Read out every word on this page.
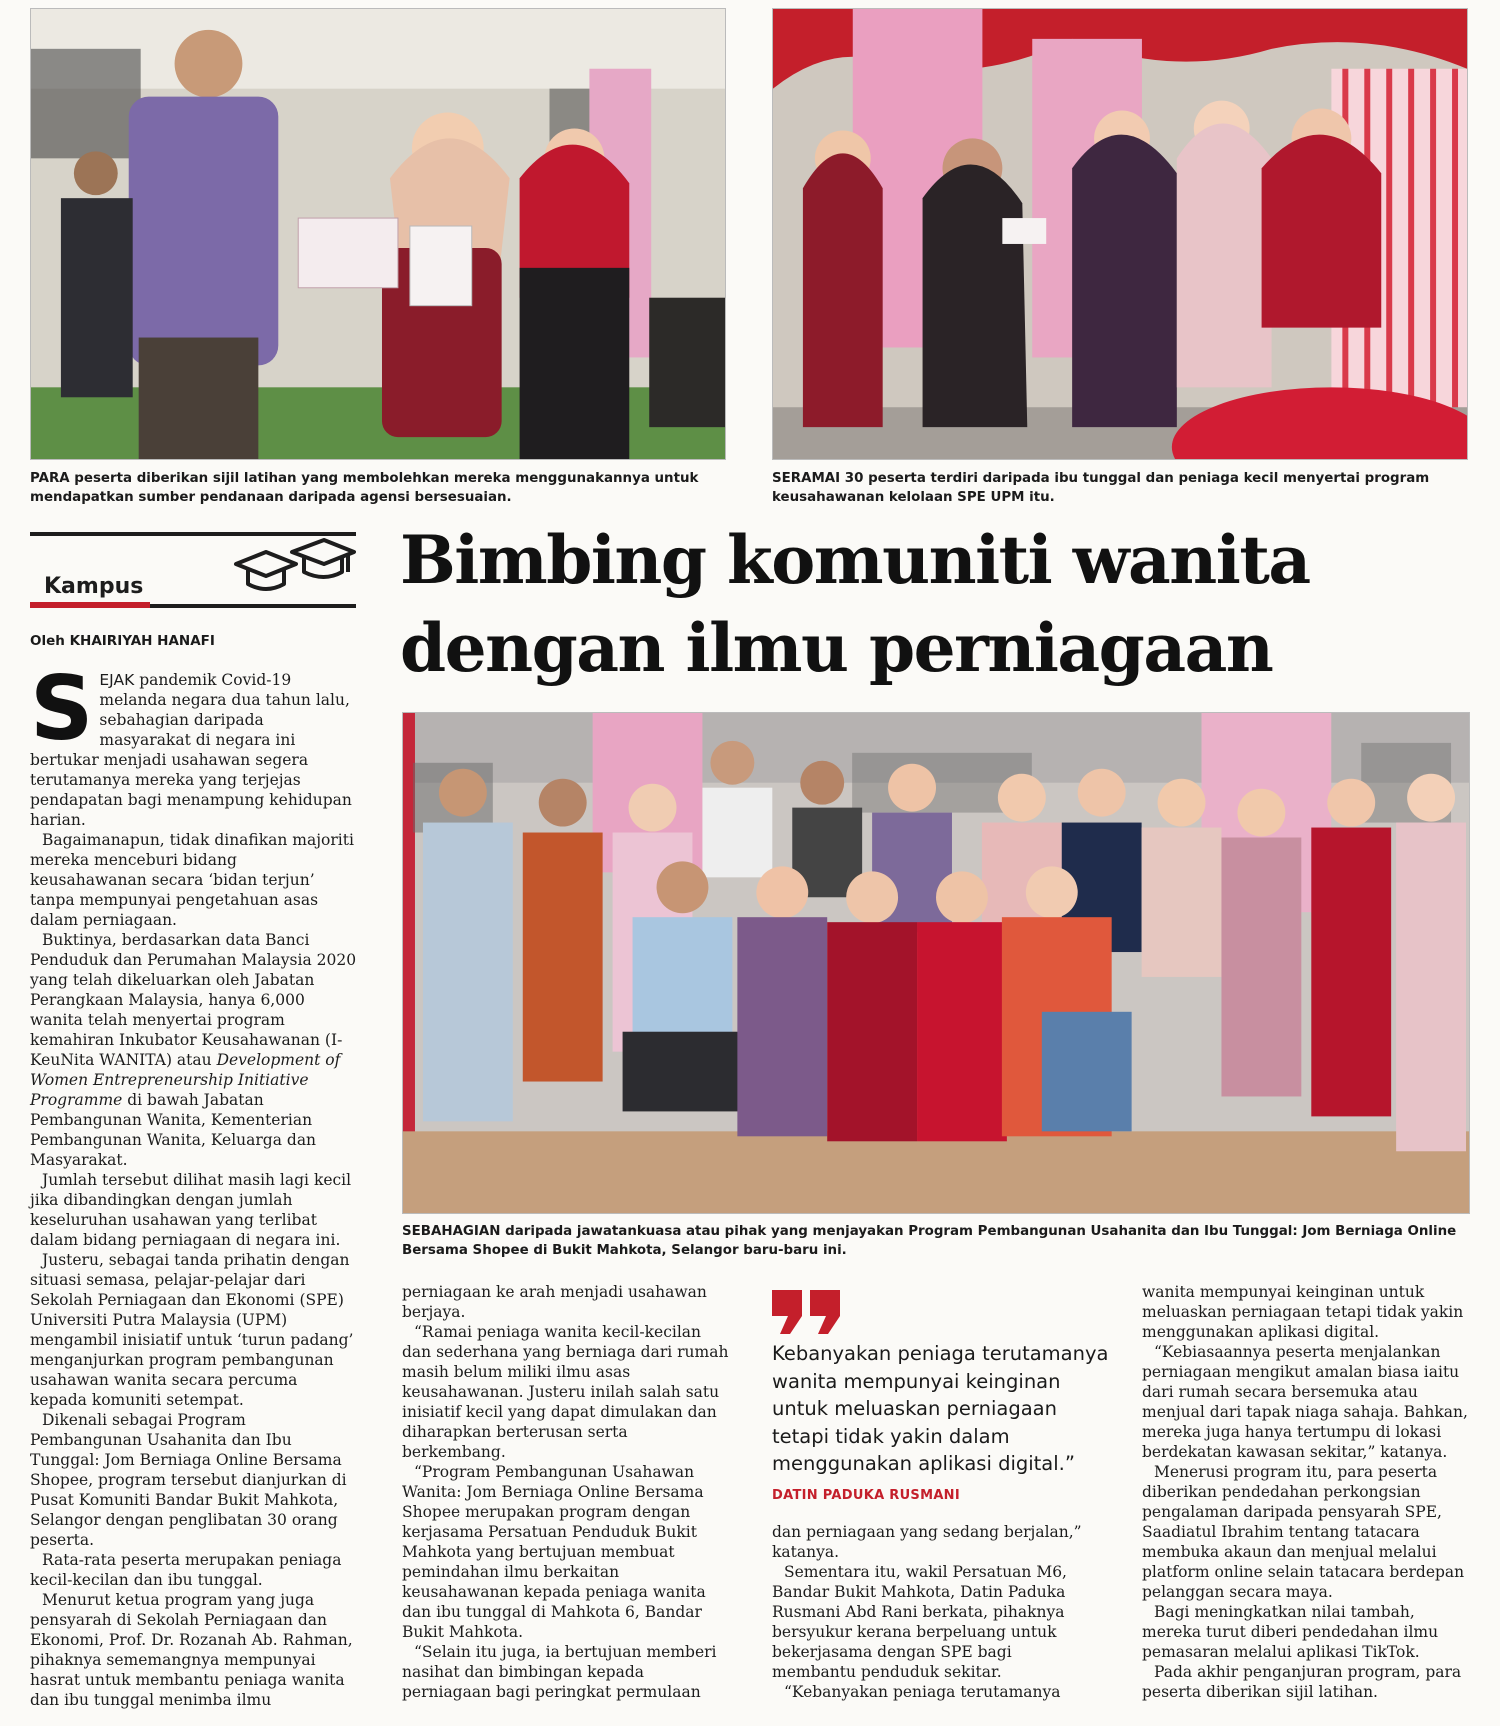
PARA peserta diberikan sijil latihan yang membolehkan mereka menggunakannya untuk mendapatkan sumber pendanaan daripada agensi bersesuaian.
SERAMAI 30 peserta terdiri daripada ibu tunggal dan peniaga kecil menyertai program keusahawanan kelolaan SPE UPM itu.
Kampus
Oleh KHAIRIYAH HANAFI
Bimbing komuniti wanita
dengan ilmu perniagaan
SEBAHAGIAN daripada jawatankuasa atau pihak yang menjayakan Program Pembangunan Usahanita dan Ibu Tunggal: Jom Berniaga Online Bersama Shopee di Bukit Mahkota, Selangor baru-baru ini.

SEJAK pandemik Covid-19 melanda negara dua tahun lalu, sebahagian daripada masyarakat di negara ini bertukar menjadi usahawan segera terutamanya mereka yang terjejas pendapatan bagi menampung kehidupan harian.

Bagaimanapun, tidak dinafikan majoriti mereka menceburi bidang keusahawanan secara ‘bidan terjun’ tanpa mempunyai pengetahuan asas dalam perniagaan.

Buktinya, berdasarkan data Banci Penduduk dan Perumahan Malaysia 2020 yang telah dikeluarkan oleh Jabatan Perangkaan Malaysia, hanya 6,000 wanita telah menyertai program kemahiran Inkubator Keusahawanan (I-KeuNita WANITA) atau Development of Women Entrepreneurship Initiative Programme di bawah Jabatan Pembangunan Wanita, Kementerian Pembangunan Wanita, Keluarga dan Masyarakat.

Jumlah tersebut dilihat masih lagi kecil jika dibandingkan dengan jumlah keseluruhan usahawan yang terlibat dalam bidang perniagaan di negara ini.

Justeru, sebagai tanda prihatin dengan situasi semasa, pelajar-pelajar dari Sekolah Perniagaan dan Ekonomi (SPE) Universiti Putra Malaysia (UPM) mengambil inisiatif untuk ‘turun padang’ menganjurkan program pembangunan usahawan wanita secara percuma kepada komuniti setempat.

Dikenali sebagai Program Pembangunan Usahanita dan Ibu Tunggal: Jom Berniaga Online Bersama Shopee, program tersebut dianjurkan di Pusat Komuniti Bandar Bukit Mahkota, Selangor dengan penglibatan 30 orang peserta.

Rata-rata peserta merupakan peniaga kecil-kecilan dan ibu tunggal.

Menurut ketua program yang juga pensyarah di Sekolah Perniagaan dan Ekonomi, Prof. Dr. Rozanah Ab. Rahman, pihaknya sememangnya mempunyai hasrat untuk membantu peniaga wanita dan ibu tunggal menimba ilmu

perniagaan ke arah menjadi usahawan berjaya.

“Ramai peniaga wanita kecil-kecilan dan sederhana yang berniaga dari rumah masih belum miliki ilmu asas keusahawanan. Justeru inilah salah satu inisiatif kecil yang dapat dimulakan dan diharapkan berterusan serta berkembang.

“Program Pembangunan Usahawan Wanita: Jom Berniaga Online Bersama Shopee merupakan program dengan kerjasama Persatuan Penduduk Bukit Mahkota yang bertujuan membuat pemindahan ilmu berkaitan keusahawanan kepada peniaga wanita dan ibu tunggal di Mahkota 6, Bandar Bukit Mahkota.

“Selain itu juga, ia bertujuan memberi nasihat dan bimbingan kepada perniagaan bagi peringkat permulaan

Kebanyakan peniaga terutamanya wanita mempunyai keinginan untuk meluaskan perniagaan tetapi tidak yakin dalam menggunakan aplikasi digital.”
DATIN PADUKA RUSMANI

dan perniagaan yang sedang berjalan,” katanya.

Sementara itu, wakil Persatuan M6, Bandar Bukit Mahkota, Datin Paduka Rusmani Abd Rani berkata, pihaknya bersyukur kerana berpeluang untuk bekerjasama dengan SPE bagi membantu penduduk sekitar.

“Kebanyakan peniaga terutamanya

wanita mempunyai keinginan untuk meluaskan perniagaan tetapi tidak yakin menggunakan aplikasi digital.

“Kebiasaannya peserta menjalankan perniagaan mengikut amalan biasa iaitu dari rumah secara bersemuka atau menjual dari tapak niaga sahaja. Bahkan, mereka juga hanya tertumpu di lokasi berdekatan kawasan sekitar,” katanya.

Menerusi program itu, para peserta diberikan pendedahan perkongsian pengalaman daripada pensyarah SPE, Saadiatul Ibrahim tentang tatacara membuka akaun dan menjual melalui platform online selain tatacara berdepan pelanggan secara maya.

Bagi meningkatkan nilai tambah, mereka turut diberi pendedahan ilmu pemasaran melalui aplikasi TikTok.

Pada akhir penganjuran program, para peserta diberikan sijil latihan.
